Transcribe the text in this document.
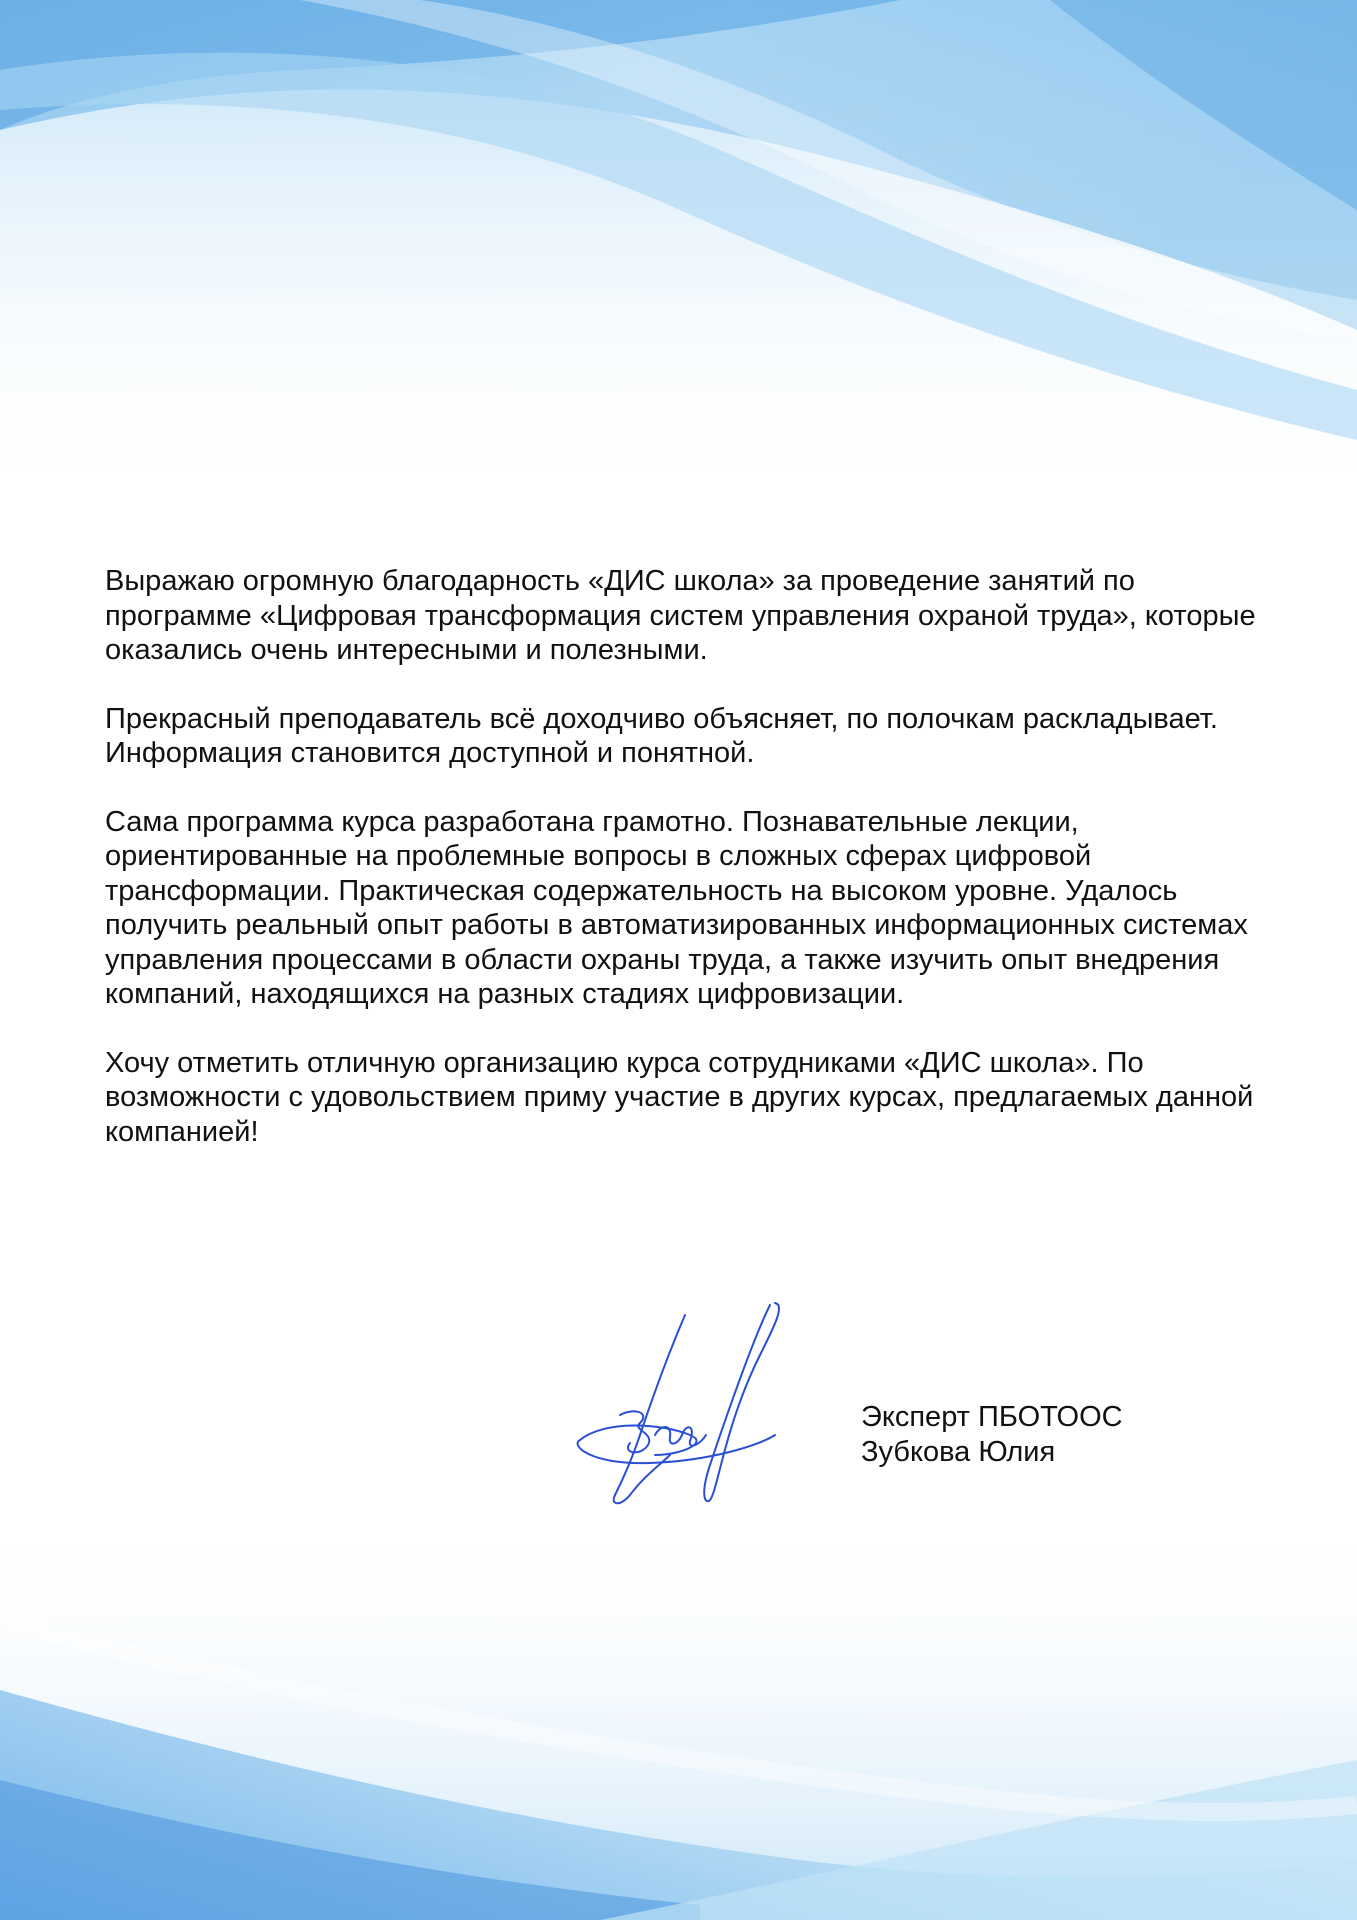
Выражаю огромную благодарность «ДИС школа» за проведение занятий по программе «Цифровая трансформация систем управления охраной труда», которые оказались очень интересными и полезными.

Прекрасный преподаватель всё доходчиво объясняет, по полочкам раскладывает. Информация становится доступной и понятной.

Сама программа курса разработана грамотно. Познавательные лекции, ориентированные на проблемные вопросы в сложных сферах цифровой трансформации. Практическая содержательность на высоком уровне. Удалось получить реальный опыт работы в автоматизированных информационных системах управления процессами в области охраны труда, а также изучить опыт внедрения компаний, находящихся на разных стадиях цифровизации.

Хочу отметить отличную организацию курса сотрудниками «ДИС школа». По возможности с удовольствием приму участие в других курсах, предлагаемых данной компанией!

Эксперт ПБОТООС
Зубкова Юлия
